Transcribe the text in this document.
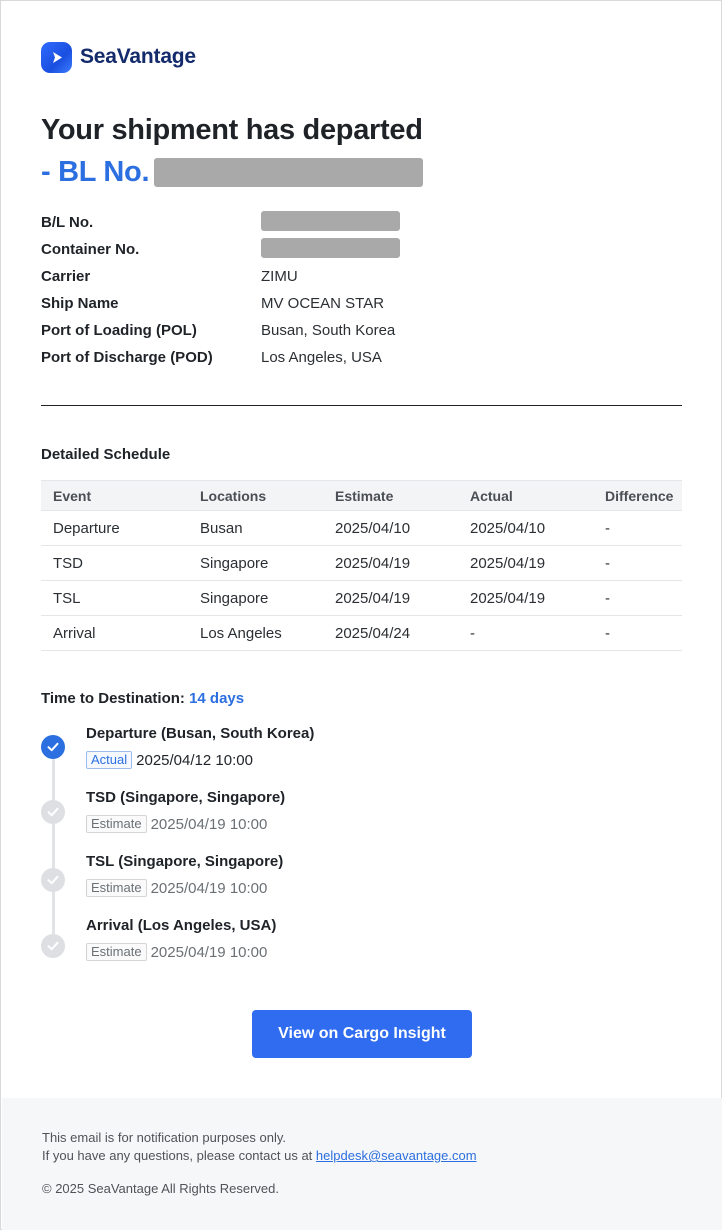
SeaVantage
Your shipment has departed
- BL No.
B/L No.
Container No.
Carrier	ZIMU
Ship Name	MV OCEAN STAR
Port of Loading (POL)	Busan, South Korea
Port of Discharge (POD)	Los Angeles, USA
Detailed Schedule
Event	Locations	Estimate	Actual	Difference
Departure	Busan	2025/04/10	2025/04/10	-
TSD	Singapore	2025/04/19	2025/04/19	-
TSL	Singapore	2025/04/19	2025/04/19	-
Arrival	Los Angeles	2025/04/24	-	-
Time to Destination: 14 days
Departure (Busan, South Korea)
Actual 2025/04/12 10:00
TSD (Singapore, Singapore)
Estimate 2025/04/19 10:00
TSL (Singapore, Singapore)
Estimate 2025/04/19 10:00
Arrival (Los Angeles, USA)
Estimate 2025/04/19 10:00
View on Cargo Insight
This email is for notification purposes only.
If you have any questions, please contact us at helpdesk@seavantage.com
© 2025 SeaVantage All Rights Reserved.
